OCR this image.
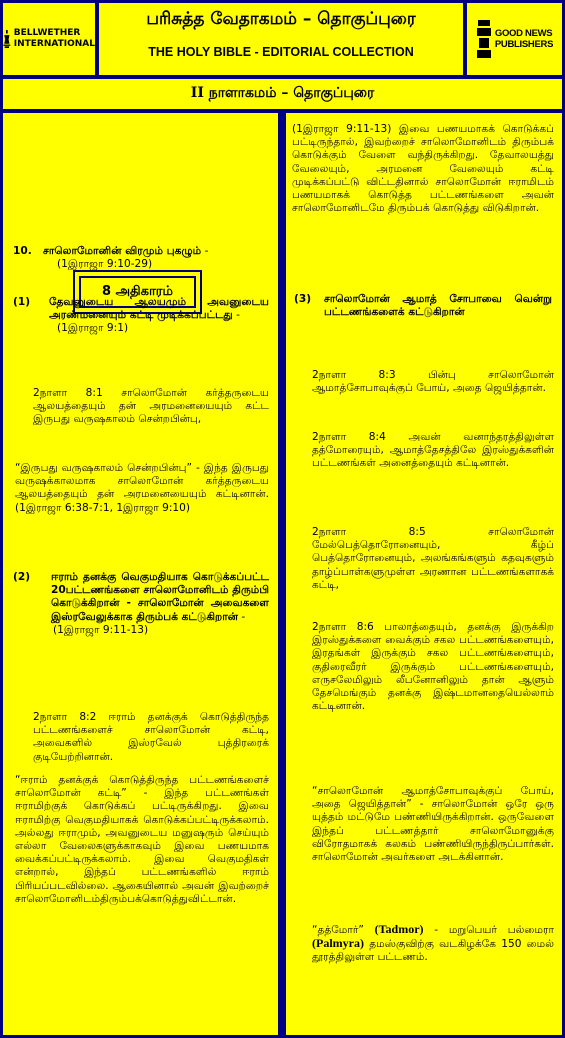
BELLWETHER
INTERNATIONAL
பரிசுத்த வேதாகமம் – தொகுப்புரை
THE HOLY BIBLE - EDITORIAL COLLECTION
GOOD NEWS
PUBLISHERS
II நாளாகமம் – தொகுப்புரை
8 அதிகாரம்
10. சாலொமோனின் விரமும் புகழும் -
(1இராஜா 9:10-29)

(1) தேவனுடைய ஆலயமும் அவனுடைய அரண்மனையும் கட்டி முடிக்கப்பட்டது -
(1இராஜா 9:1)

2நாளா 8:1 சாலொமோன் கர்த்தருடைய ஆலயத்தையும் தன் அரமனையையும் கட்ட இருபது வருஷகாலம் சென்றபின்பு,

“இருபது வருஷகாலம் சென்றபின்பு” - இந்த இருபது வருஷக்காலமாக சாலொமோன் கர்த்தருடைய ஆலயத்தையும் தன் அரமனையையும் கட்டினான். (1இராஜா 6:38-7:1, 1இராஜா 9:10)

(2) ஈராம் தனக்கு வெகுமதியாக கொடுக்கப்பட்ட 20பட்டணங்களை சாலொமோனிடம் திரும்பி கொடுக்கிறான் - சாலொமோன் அவைகளை இஸ்ரவேலுக்காக திரும்பக் கட்டுகிறான் -
(1இராஜா 9:11-13)

2நாளா 8:2 ஈராம் தனக்குக் கொடுத்திருந்த பட்டணங்களைச் சாலொமோன் கட்டி, அவைகளில் இஸ்ரவேல் புத்திரரைக் குடியேற்றினான்.

“ஈராம் தனக்குக் கொடுத்திருந்த பட்டணங்களைச் சாலொமோன் கட்டி” - இந்த பட்டணங்கள் ஈராமிற்குக் கொடுக்கப் பட்டிருக்கிறது. இவை ஈராமிற்கு வெகுமதியாகக் கொடுக்கப்பட்டிருக்கலாம். அல்லது ஈராமும், அவனுடைய மனுஷரும் செய்யும் எல்லா வேலைகளுக்காகவும் இவை பணயமாக வைக்கப்பட்டிருக்கலாம். இவை வெகுமதிகள் என்றால், இந்தப் பட்டணங்களில் ஈராம் பிரியப்படவில்லை. ஆகையினால் அவன் இவற்றைச் சாலொமோனிடம்திரும்பக்கொடுத்துவிட்டான்.

(1இராஜா 9:11-13) இவை பணயமாகக் கொடுக்கப் பட்டிருந்தால், இவற்றைச் சாலொமோனிடம் திரும்பக் கொடுக்கும் வேளை வந்திருக்கிறது. தேவாலயத்து வேலையும், அரமனை வேலையும் கட்டி முடிக்கப்பட்டு விட்டதினால் சாலொமோன் ஈராமிடம் பணயமாகக் கொடுத்த பட்டணங்களை அவன் சாலொமோனிடமே திரும்பக் கொடுத்து விடுகிறான்.

(3) சாலொமோன் ஆமாத் சோபாவை வென்று பட்டணங்களைக் கட்டுகிறான்

2நாளா 8:3 பின்பு சாலொமோன் ஆமாத்சோபாவுக்குப் போய், அதை ஜெயித்தான்.

2நாளா 8:4 அவன் வனாந்தரத்திலுள்ள தத்மோரையும், ஆமாத்தேசத்திலே இரஸ்துக்களின் பட்டணங்கள் அனைத்தையும் கட்டினான்.

2நாளா 8:5 சாலொமோன் மேல்பெத்தொரோனையும், கீழ்ப் பெத்தொரோனையும், அலங்கங்களும் கதவுகளும் தாழ்ப்பாள்களுமுள்ள அரணான பட்டணங்களாகக் கட்டி,

2நாளா 8:6 பாலாத்தையும், தனக்கு இருக்கிற இரஸ்துக்களை வைக்கும் சகல பட்டணங்களையும், இரதங்கள் இருக்கும் சகல பட்டணங்களையும், குதிரைவீரர் இருக்கும் பட்டணங்களையும், எருசலேமிலும் லீபனோனிலும் தான் ஆளும் தேசமெங்கும் தனக்கு இஷ்டமானதையெல்லாம் கட்டினான்.

“சாலொமோன் ஆமாத்சோபாவுக்குப் போய், அதை ஜெயித்தான்” - சாலொமோன் ஒரே ஒரு யுத்தம் மட்டுமே பண்ணியிருக்கிறான். ஒருவேளை இந்தப் பட்டணத்தார் சாலொமோனுக்கு விரோதமாகக் கலகம் பண்ணியிருந்திருப்பார்கள். சாலொமோன் அவர்களை அடக்கினான்.

“தத்மோர்” (Tadmor) - மறுபெயர் பல்மைரா (Palmyra) தமஸ்குவிற்கு வடகிழக்கே 150 மைல் தூரத்திலுள்ள பட்டணம்.
